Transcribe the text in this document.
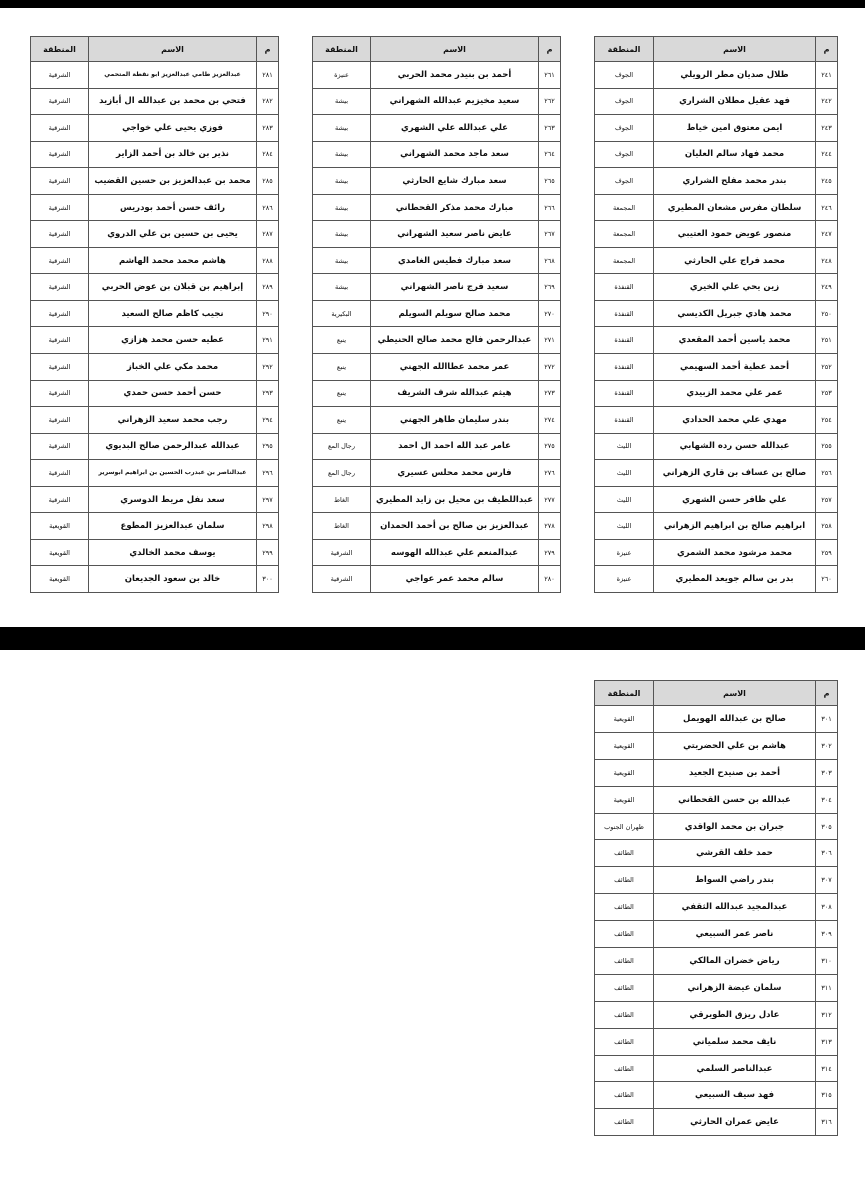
م	الاسم	المنطقة
٢٤١	طلال صديان مطر الرويلي	الجوف
٢٤٢	فهد عقيل مطلان الشراري	الجوف
٢٤٣	ايمن معتوق امين خياط	الجوف
٢٤٤	محمد فهاد سالم العليان	الجوف
٢٤٥	بندر محمد مفلح الشراري	الجوف
٢٤٦	سلطان مفرس مشعان المطيري	المجمعة
٢٤٧	منصور عويض حمود العتيبي	المجمعة
٢٤٨	محمد فراج علي الحارثي	المجمعة
٢٤٩	زين يحي علي الخيري	القنفذة
٢٥٠	محمد هادي جبريل الكديسي	القنفذة
٢٥١	محمد ياسين أحمد المقعدي	القنفذة
٢٥٢	أحمد عطية أحمد السهيمي	القنفذة
٢٥٣	عمر علي محمد الزبيدي	القنفذة
٢٥٤	مهدي علي محمد الحدادي	القنفذة
٢٥٥	عبدالله حسن رده الشهابي	الليث
٢٥٦	صالح بن عساف بن قاري الزهراني	الليث
٢٥٧	علي ظافر حسن الشهري	الليث
٢٥٨	ابراهيم صالح بن ابراهيم الزهراني	الليث
٢٥٩	محمد مرشود محمد الشمري	عنيزة
٢٦٠	بدر بن سالم جويعد المطيري	عنيزة
م	الاسم	المنطقة
٢٦١	أحمد بن بنيدر محمد الحربي	عنيزة
٢٦٢	سعيد مخيزيم عبدالله الشهراني	بيشة
٢٦٣	علي عبدالله علي الشهري	بيشة
٢٦٤	سعد ماجد محمد الشهراني	بيشة
٢٦٥	سعد مبارك شايع الحارثي	بيشة
٢٦٦	مبارك محمد مذكر القحطاني	بيشة
٢٦٧	عايض ناصر سعيد الشهراني	بيشة
٢٦٨	سعد مبارك فطيس الغامدي	بيشة
٢٦٩	سعيد فرج ناصر الشهراني	بيشة
٢٧٠	محمد صالح سويلم السويلم	البكيرية
٢٧١	عبدالرحمن فالح محمد صالح الحنيطي	ينبع
٢٧٢	عمر محمد عطاالله الجهني	ينبع
٢٧٣	هيثم عبدالله شرف الشريف	ينبع
٢٧٤	بندر سليمان طاهر الجهني	ينبع
٢٧٥	عامر عبد الله احمد ال احمد	رجال المع
٢٧٦	فارس محمد محلس عسيري	رجال المع
٢٧٧	عبداللطيف بن محيل بن زايد المطيري	الغاط
٢٧٨	عبدالعزيز بن صالح بن أحمد الحمدان	الغاط
٢٧٩	عبدالمنعم علي عبدالله الهوسه	الشرقية
٢٨٠	سالم محمد عمر عواجي	الشرقية
م	الاسم	المنطقة
٢٨١	عبدالعزيز طامي عبدالعزيز ابو نقطة المتحمي	الشرقية
٢٨٢	فتحي بن محمد بن عبدالله ال أبازيد	الشرقية
٢٨٣	فوزي يحيى علي خواجي	الشرقية
٢٨٤	نذير بن خالد بن أحمد الزاير	الشرقية
٢٨٥	محمد بن عبدالعزيز بن حسين القضيب	الشرقية
٢٨٦	رائف حسن أحمد بودريس	الشرقية
٢٨٧	يحيى بن حسين بن علي الدروي	الشرقية
٢٨٨	هاشم محمد محمد الهاشم	الشرقية
٢٨٩	إبراهيم بن قبلان بن عوض الحربي	الشرقية
٢٩٠	نجيب كاظم صالح السعيد	الشرقية
٢٩١	عطيه حسن محمد هزازي	الشرقية
٢٩٢	محمد مكي علي الخباز	الشرقية
٢٩٣	حسن أحمد حسن حمدي	الشرقية
٢٩٤	رجب محمد سعيد الزهراني	الشرقية
٢٩٥	عبدالله عبدالرحمن صالح البديوي	الشرقية
٢٩٦	عبدالناصر بن عبدرب الحسين بن ابراهيم ابوسرير	الشرقية
٢٩٧	سعد نفل مريط الدوسري	الشرقية
٢٩٨	سلمان عبدالعزيز المطوع	القويعية
٢٩٩	يوسف محمد الخالدي	القويعية
٣٠٠	خالد بن سعود الجديعان	القويعية
م	الاسم	المنطقة
٣٠١	صالح بن عبدالله الهويمل	القويعية
٣٠٢	هاشم بن علي الحضريتي	القويعية
٣٠٣	أحمد بن صنيدح الجعيد	القويعية
٣٠٤	عبدالله بن حسن القحطاني	القويعية
٣٠٥	جبران بن محمد الواقدي	ظهران الجنوب
٣٠٦	حمد خلف القرشي	الطائف
٣٠٧	بندر راضي السواط	الطائف
٣٠٨	عبدالمجيد عبدالله الثقفي	الطائف
٣٠٩	ناصر عمر السبيعي	الطائف
٣١٠	رياض خضران المالكي	الطائف
٣١١	سلمان عيضة الزهراني	الطائف
٣١٢	عادل ريزق الطويرقي	الطائف
٣١٣	نايف محمد سلمياني	الطائف
٣١٤	عبدالناصر السلمي	الطائف
٣١٥	فهد سيف السبيعي	الطائف
٣١٦	عايض عمران الحارثي	الطائف
